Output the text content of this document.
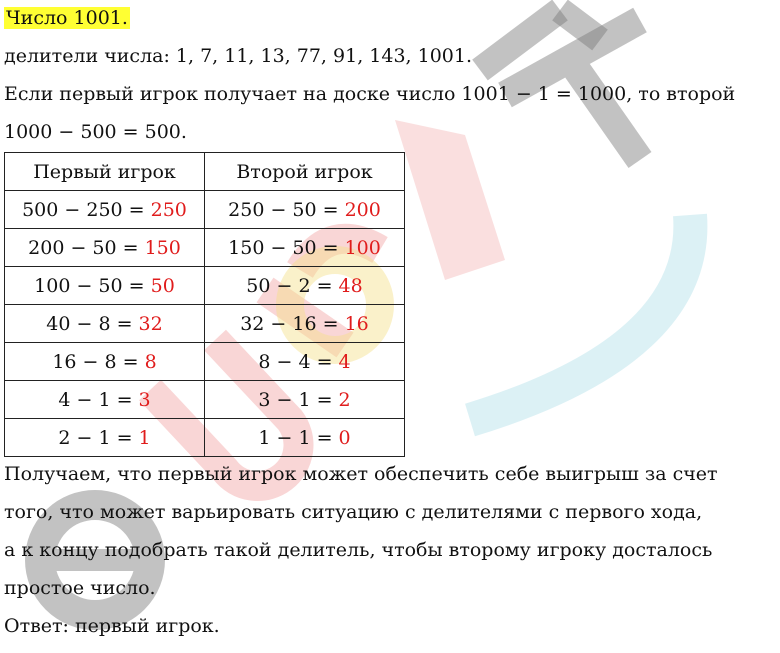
Число 1001.
делители числа: 1, 7, 11, 13, 77, 91, 143, 1001.
Если первый игрок получает на доске число 1001 − 1 = 1000, то второй
1000 − 500 = 500.
Первый игрок	Второй игрок
500 − 250 = 250	250 − 50 = 200
200 − 50 = 150	150 − 50 = 100
100 − 50 = 50	50 − 2 = 48
40 − 8 = 32	32 − 16 = 16
16 − 8 = 8	8 − 4 = 4
4 − 1 = 3	3 − 1 = 2
2 − 1 = 1	1 − 1 = 0
Получаем, что первый игрок может обеспечить себе выигрыш за счет
того, что может варьировать ситуацию с делителями с первого хода,
а к концу подобрать такой делитель, чтобы второму игроку досталось
простое число.
Ответ: первый игрок.
